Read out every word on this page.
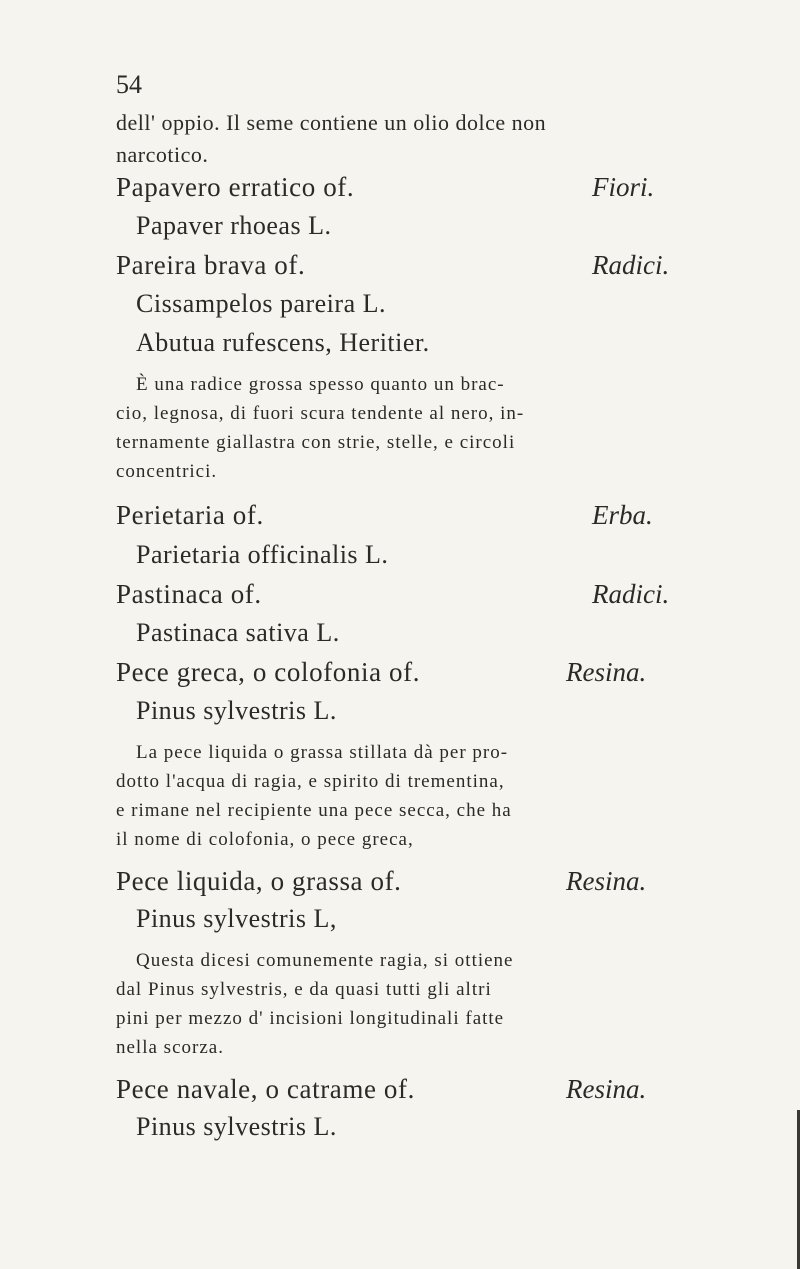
54
dell' oppio. Il seme contiene un olio dolce non
narcotico.
Papavero erratico of.	Fiori.
Papaver rhoeas L.
Pareira brava of.	Radici.
Cissampelos pareira L.
Abutua rufescens, Heritier.
È una radice grossa spesso quanto un brac-
cio, legnosa, di fuori scura tendente al nero, in-
ternamente giallastra con strie, stelle, e circoli
concentrici.
Perietaria of.	Erba.
Parietaria officinalis L.
Pastinaca of.	Radici.
Pastinaca sativa L.
Pece greca, o colofonia of.	Resina.
Pinus sylvestris L.
La pece liquida o grassa stillata dà per pro-
dotto l'acqua di ragia, e spirito di trementina,
e rimane nel recipiente una pece secca, che ha
il nome di colofonia, o pece greca,
Pece liquida, o grassa of.	Resina.
Pinus sylvestris L,
Questa dicesi comunemente ragia, si ottiene
dal Pinus sylvestris, e da quasi tutti gli altri
pini per mezzo d' incisioni longitudinali fatte
nella scorza.
Pece navale, o catrame of.	Resina.
Pinus sylvestris L.
